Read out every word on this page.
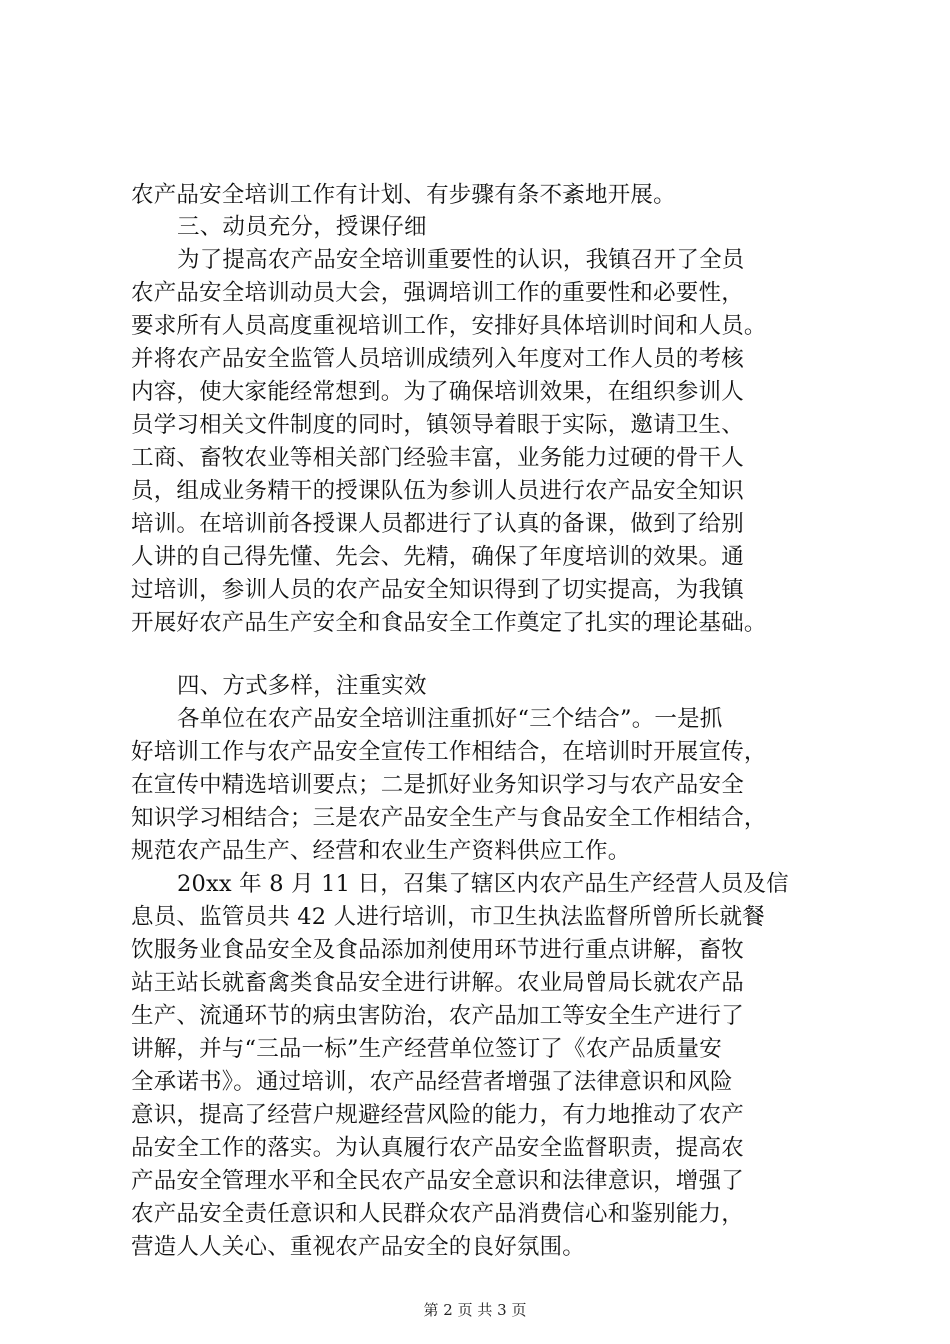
农产品安全培训工作有计划、有步骤有条不紊地开展。
三、动员充分，授课仔细
为了提高农产品安全培训重要性的认识，我镇召开了全员
农产品安全培训动员大会，强调培训工作的重要性和必要性，
要求所有人员高度重视培训工作，安排好具体培训时间和人员。
并将农产品安全监管人员培训成绩列入年度对工作人员的考核
内容，使大家能经常想到。为了确保培训效果，在组织参训人
员学习相关文件制度的同时，镇领导着眼于实际，邀请卫生、
工商、畜牧农业等相关部门经验丰富，业务能力过硬的骨干人
员，组成业务精干的授课队伍为参训人员进行农产品安全知识
培训。在培训前各授课人员都进行了认真的备课，做到了给别
人讲的自己得先懂、先会、先精，确保了年度培训的效果。通
过培训，参训人员的农产品安全知识得到了切实提高，为我镇
开展好农产品生产安全和食品安全工作奠定了扎实的理论基础。
四、方式多样，注重实效
各单位在农产品安全培训注重抓好“三个结合”。一是抓
好培训工作与农产品安全宣传工作相结合，在培训时开展宣传，
在宣传中精选培训要点；二是抓好业务知识学习与农产品安全
知识学习相结合；三是农产品安全生产与食品安全工作相结合，
规范农产品生产、经营和农业生产资料供应工作。
20xx 年 8 月 11 日，召集了辖区内农产品生产经营人员及信
息员、监管员共 42 人进行培训，市卫生执法监督所曾所长就餐
饮服务业食品安全及食品添加剂使用环节进行重点讲解，畜牧
站王站长就畜禽类食品安全进行讲解。农业局曾局长就农产品
生产、流通环节的病虫害防治，农产品加工等安全生产进行了
讲解，并与“三品一标”生产经营单位签订了《农产品质量安
全承诺书》。通过培训，农产品经营者增强了法律意识和风险
意识，提高了经营户规避经营风险的能力，有力地推动了农产
品安全工作的落实。为认真履行农产品安全监督职责，提高农
产品安全管理水平和全民农产品安全意识和法律意识，增强了
农产品安全责任意识和人民群众农产品消费信心和鉴别能力，
营造人人关心、重视农产品安全的良好氛围。
第 2 页 共 3 页
